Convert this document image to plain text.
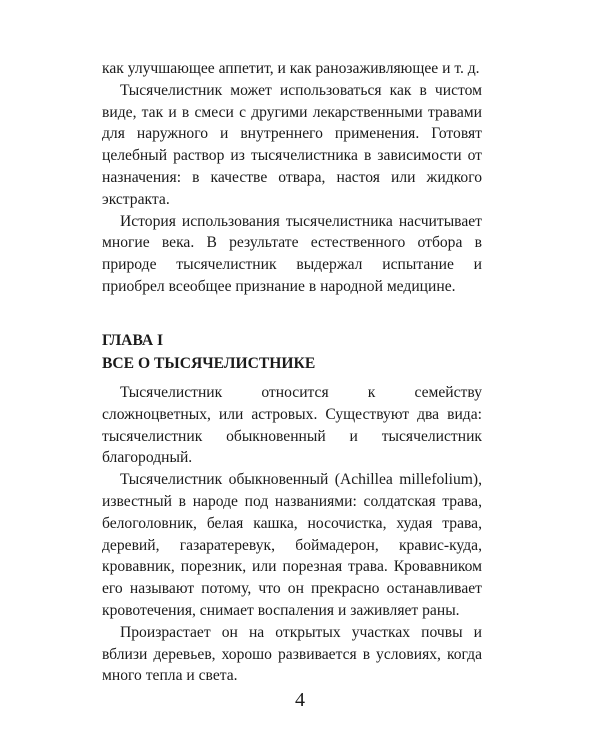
как улучшающее аппетит, и как ранозаживляющее и т. д.

Тысячелистник может использоваться как в чистом виде, так и в смеси с другими лекарственными травами для наружного и внутреннего применения. Готовят целебный раствор из тысячелистника в зависимости от назначения: в качестве отвара, настоя или жидкого экстракта.

История использования тысячелистника насчитывает многие века. В результате естественного отбора в природе тысячелистник выдержал испытание и приобрел всеобщее признание в народной медицине.

ГЛАВА I
ВСЕ О ТЫСЯЧЕЛИСТНИКЕ

Тысячелистник относится к семейству сложноцветных, или астровых. Существуют два вида: тысячелистник обыкновенный и тысячелистник благородный.

Тысячелистник обыкновенный (Achillea millefolium), известный в народе под названиями: солдатская трава, белоголовник, белая кашка, носочистка, худая трава, деревий, газаратеревук, боймадерон, кравис-куда, кровавник, порезник, или порезная трава. Кровавником его называют потому, что он прекрасно останавливает кровотечения, снимает воспаления и заживляет раны.

Произрастает он на открытых участках почвы и вблизи деревьев, хорошо развивается в условиях, когда много тепла и света.

4
